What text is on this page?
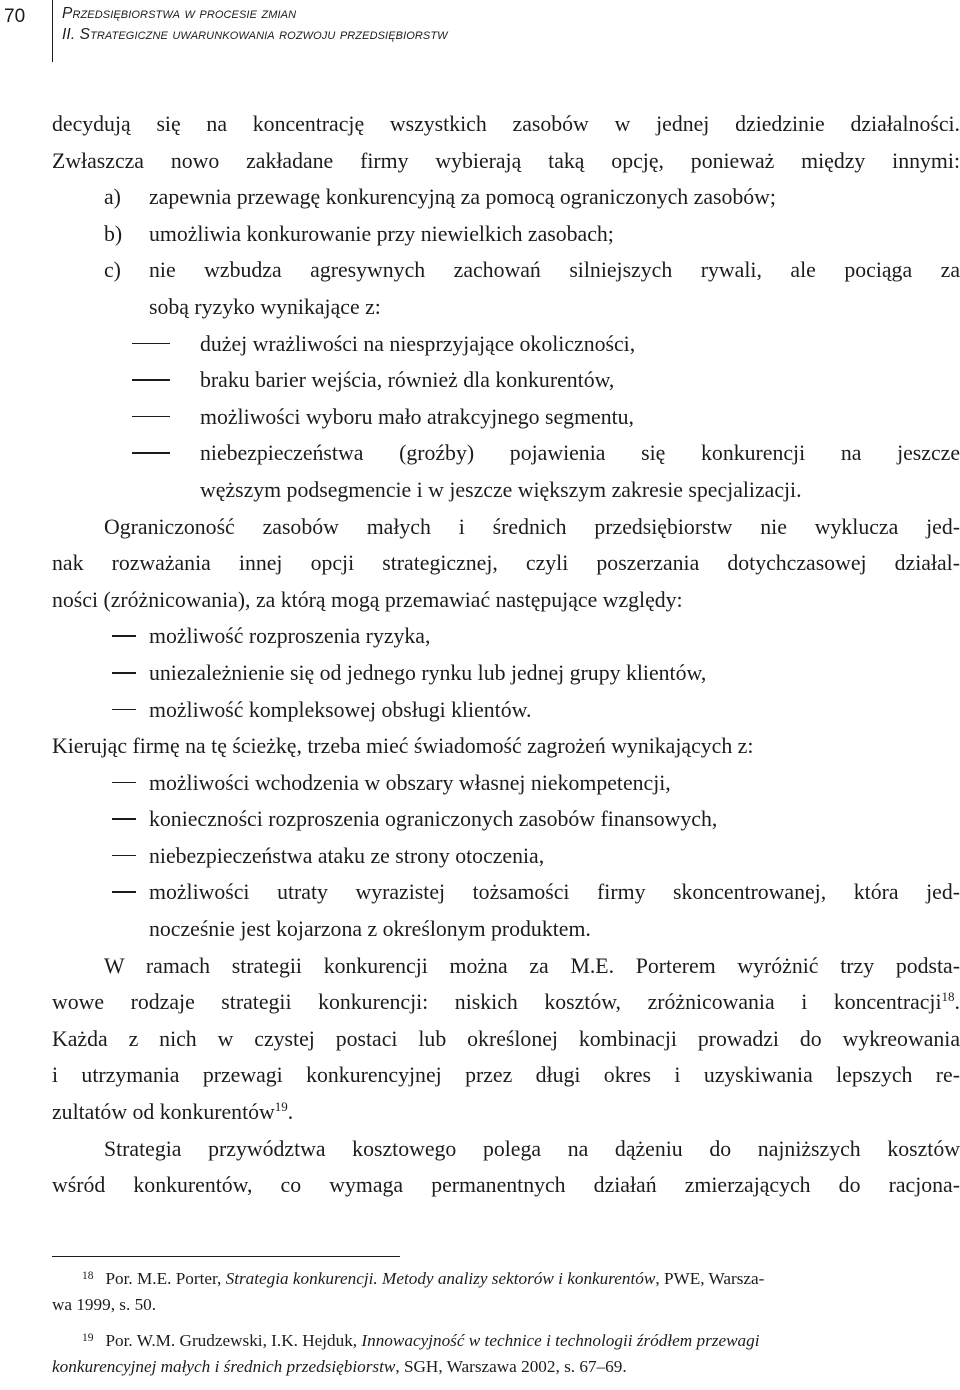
70 Przedsiębiorstwa w procesie zmian
II. Strategiczne uwarunkowania rozwoju przedsiębiorstw

decydują się na koncentrację wszystkich zasobów w jednej dziedzinie działalności.

Zwłaszcza nowo zakładane firmy wybierają taką opcję, ponieważ między innymi:

a) zapewnia przewagę konkurencyjną za pomocą ograniczonych zasobów;

b) umożliwia konkurowanie przy niewielkich zasobach;

c) nie wzbudza agresywnych zachowań silniejszych rywali, ale pociąga za

sobą ryzyko wynikające z:

dużej wrażliwości na niesprzyjające okoliczności,

braku barier wejścia, również dla konkurentów,

możliwości wyboru mało atrakcyjnego segmentu,

niebezpieczeństwa (groźby) pojawienia się konkurencji na jeszcze

węższym podsegmencie i w jeszcze większym zakresie specjalizacji.

Ograniczoność zasobów małych i średnich przedsiębiorstw nie wyklucza jed-

nak rozważania innej opcji strategicznej, czyli poszerzania dotychczasowej działal-

ności (zróżnicowania), za którą mogą przemawiać następujące względy:

możliwość rozproszenia ryzyka,

uniezależnienie się od jednego rynku lub jednej grupy klientów,

możliwość kompleksowej obsługi klientów.

Kierując firmę na tę ścieżkę, trzeba mieć świadomość zagrożeń wynikających z:

możliwości wchodzenia w obszary własnej niekompetencji,

konieczności rozproszenia ograniczonych zasobów finansowych,

niebezpieczeństwa ataku ze strony otoczenia,

możliwości utraty wyrazistej tożsamości firmy skoncentrowanej, która jed-

nocześnie jest kojarzona z określonym produktem.

W ramach strategii konkurencji można za M.E. Porterem wyróżnić trzy podsta-

wowe rodzaje strategii konkurencji: niskich kosztów, zróżnicowania i koncentracji$^{18}$.

Każda z nich w czystej postaci lub określonej kombinacji prowadzi do wykreowania

i utrzymania przewagi konkurencyjnej przez długi okres i uzyskiwania lepszych re-

zultatów od konkurentów$^{19}$.

Strategia przywództwa kosztowego polega na dążeniu do najniższych kosztów

wśród konkurentów, co wymaga permanentnych działań zmierzających do racjona-

$^{18}$ Por. M.E. Porter, Strategia konkurencji. Metody analizy sektorów i konkurentów, PWE, Warsza-
wa 1999, s. 50.

$^{19}$ Por. W.M. Grudzewski, I.K. Hejduk, Innowacyjność w technice i technologii źródłem przewagi
konkurencyjnej małych i średnich przedsiębiorstw, SGH, Warszawa 2002, s. 67–69.
